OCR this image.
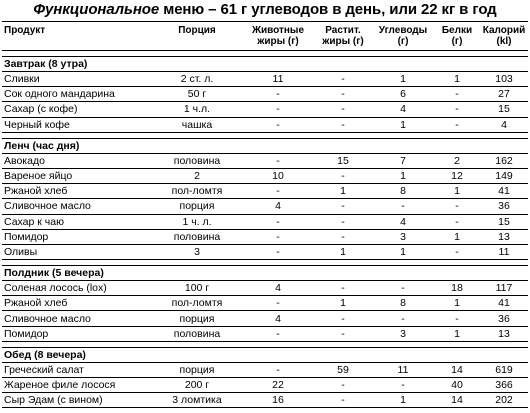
Функциональное меню – 61 г углеводов в день, или 22 кг в год
Продукт	Порция	Животные жиры (г)	Растит. жиры (г)	Углеводы (г)	Белки (г)	Калорий (kl)

Завтрак (8 утра)						
Сливки	2 ст. л.	11	-	1	1	103
Сок одного мандарина	50 г	-	-	6	-	27
Сахар (с кофе)	1 ч.л.	-	-	4	-	15
Черный кофе	чашка	-	-	1	-	4

Ленч (час дня)						
Авокадо	половина	-	15	7	2	162
Вареное яйцо	2	10	-	1	12	149
Ржаной хлеб	пол-ломтя	-	1	8	1	41
Сливочное масло	порция	4	-	-	-	36
Сахар к чаю	1 ч. л.	-	-	4	-	15
Помидор	половина	-	-	3	1	13
Оливы	3	-	1	1	-	11

Полдник (5 вечера)						
Соленая лосось (lox)	100 г	4	-	-	18	117
Ржаной хлеб	пол-ломтя	-	1	8	1	41
Сливочное масло	порция	4	-	-	-	36
Помидор	половина	-	-	3	1	13

Обед (8 вечера)						
Греческий салат	порция	-	59	11	14	619
Жареное филе лосося	200 г	22	-	-	40	366
Сыр Эдам (с вином)	3 ломтика	16	-	1	14	202
